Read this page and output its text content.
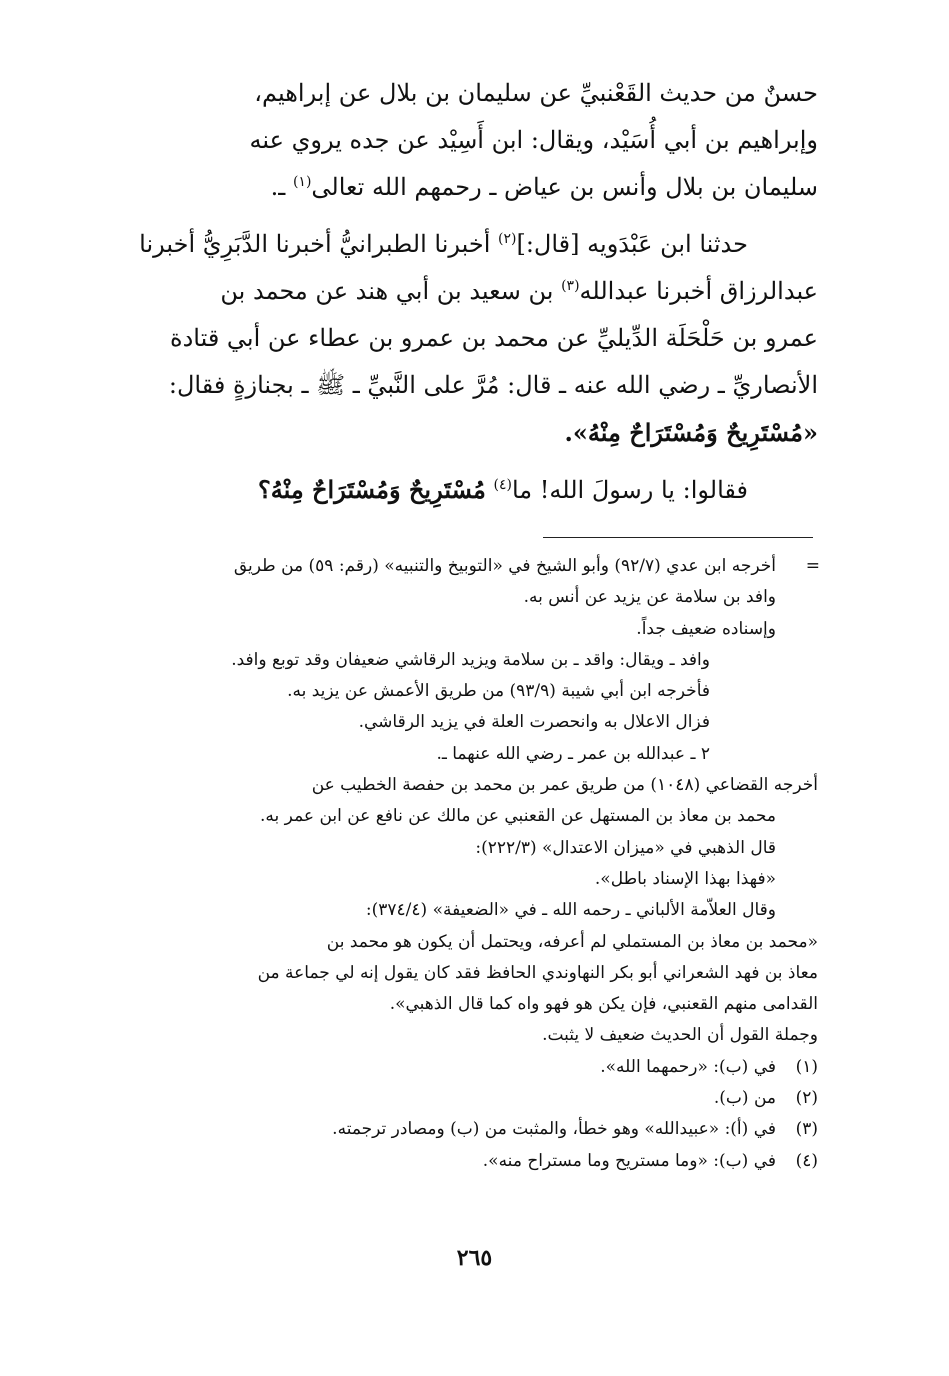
حسنٌ من حديث القَعْنبيِّ عن سليمان بن بلال عن إبراهيم،

وإبراهيم بن أبي أُسَيْد، ويقال: ابن أَسِيْد عن جده يروي عنه

سليمان بن بلال وأنس بن عياض ـ رحمهم الله تعالى$^{(١)}$ ـ.

حدثنا ابن عَبْدَويه [قال:]$^{(٢)}$ أخبرنا الطبرانيُّ أخبرنا الدَّبَرِيُّ أخبرنا

عبدالرزاق أخبرنا عبدالله$^{(٣)}$ بن سعيد بن أبي هند عن محمد بن

عمرو بن حَلْحَلَة الدِّيليِّ عن محمد بن عمرو بن عطاء عن أبي قتادة

الأنصاريِّ ـ رضي الله عنه ـ قال: مُرَّ على النَّبيِّ ـ ﷺ ـ بجنازةٍ فقال:

«مُسْتَرِيحٌ وَمُسْتَرَاحٌ مِنْهُ».

فقالوا: يا رسولَ الله! ما$^{(٤)}$ مُسْتَرِيحٌ وَمُسْتَرَاحٌ مِنْهُ؟

=
أخرجه ابن عدي (٩٢/٧) وأبو الشيخ في «التوبيخ والتنبيه» (رقم: ٥٩) من طريق
وافد بن سلامة عن يزيد عن أنس به.
وإسناده ضعيف جداً.
وافد ـ ويقال: واقد ـ بن سلامة ويزيد الرقاشي ضعيفان وقد توبع وافد.
فأخرجه ابن أبي شيبة (٩٣/٩) من طريق الأعمش عن يزيد به.
فزال الاعلال به وانحصرت العلة في يزيد الرقاشي.
٢ ـ عبدالله بن عمر ـ رضي الله عنهما ـ.
أخرجه القضاعي (١٠٤٨) من طريق عمر بن محمد بن حفصة الخطيب عن
محمد بن معاذ بن المستهل عن القعنبي عن مالك عن نافع عن ابن عمر به.
قال الذهبي في «ميزان الاعتدال» (٢٢٢/٣):
«فهذا بهذا الإسناد باطل».
وقال العلاّمة الألباني ـ رحمه الله ـ في «الضعيفة» (٣٧٤/٤):
«محمد بن معاذ بن المستملي لم أعرفه، ويحتمل أن يكون هو محمد بن
معاذ بن فهد الشعراني أبو بكر النهاوندي الحافظ فقد كان يقول إنه لي جماعة من
القدامى منهم القعنبي، فإن يكن هو فهو واه كما قال الذهبي».
وجملة القول أن الحديث ضعيف لا يثبت.
(١)في (ب): «رحمهما الله».
(٢)من (ب).
(٣)في (أ): «عبيدالله» وهو خطأ، والمثبت من (ب) ومصادر ترجمته.
(٤)في (ب): «وما مستريح وما مستراح منه».
٢٦٥
